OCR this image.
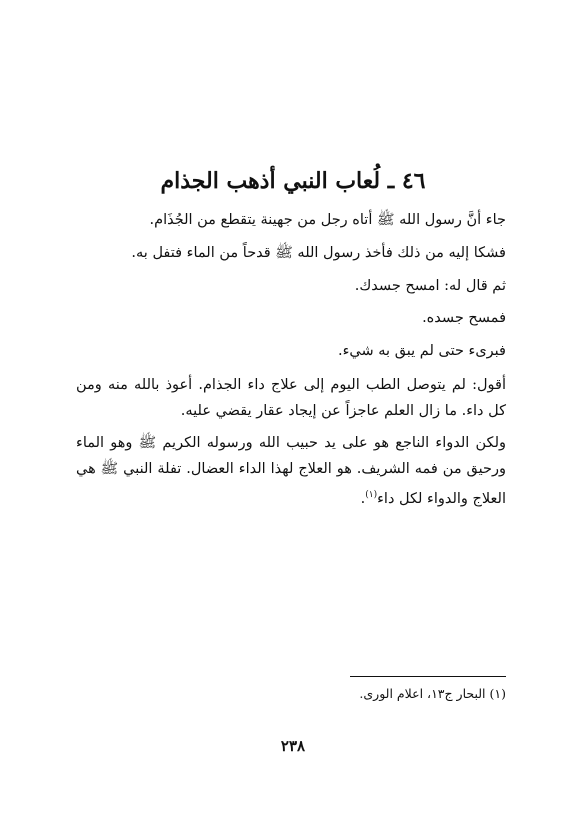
٤٦ ـ لُعاب النبي أذهب الجذام
جاء أنَّ رسول الله ﷺ أتاه رجل من جهينة يتقطع من الجُذَام.
فشكا إليه من ذلك فأخذ رسول الله ﷺ قدحاً من الماء فتفل به.
ثم قال له: امسح جسدك.
فمسح جسده.
فبرىء حتى لم يبق به شيء.
أقول: لم يتوصل الطب اليوم إلى علاج داء الجذام. أعوذ بالله منه ومن كل داء. ما زال العلم عاجزاً عن إيجاد عقار يقضي عليه.
ولكن الدواء الناجع هو على يد حبيب الله ورسوله الكريم ﷺ وهو الماء ورحيق من فمه الشريف. هو العلاج لهذا الداء العضال. تفلة النبي ﷺ هي العلاج والدواء لكل داء$^{(١)}$.
(١) البحار ج١٣، اعلام الورى.
٢٣٨
